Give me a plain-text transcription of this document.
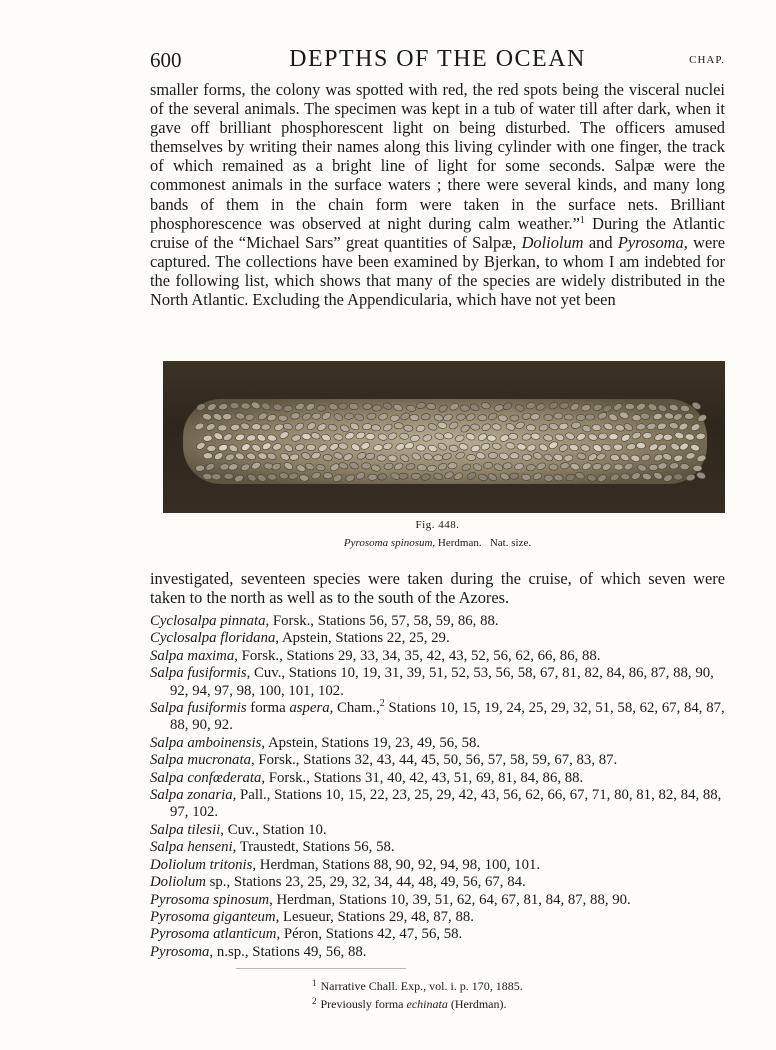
600	DEPTHS OF THE OCEAN	CHAP.

smaller forms, the colony was spotted with red, the red spots being the visceral nuclei of the several animals. The specimen was kept in a tub of water till after dark, when it gave off brilliant phosphorescent light on being disturbed. The officers amused themselves by writing their names along this living cylinder with one finger, the track of which remained as a bright line of light for some seconds. Salpæ were the commonest animals in the surface waters ; there were several kinds, and many long bands of them in the chain form were taken in the surface nets. Brilliant phosphorescence was observed at night during calm weather.”$^1$ During the Atlantic cruise of the “Michael Sars” great quantities of Salpæ, Doliolum and Pyrosoma, were captured. The collections have been examined by Bjerkan, to whom I am indebted for the following list, which shows that many of the species are widely distributed in the North Atlantic. Excluding the Appendicularia, which have not yet been

Fig. 448.
Pyrosoma spinosum, Herdman. Nat. size.

investigated, seventeen species were taken during the cruise, of which seven were taken to the north as well as to the south of the Azores.

Cyclosalpa pinnata, Forsk., Stations 56, 57, 58, 59, 86, 88.
Cyclosalpa floridana, Apstein, Stations 22, 25, 29.
Salpa maxima, Forsk., Stations 29, 33, 34, 35, 42, 43, 52, 56, 62, 66, 86, 88.
Salpa fusiformis, Cuv., Stations 10, 19, 31, 39, 51, 52, 53, 56, 58, 67, 81, 82, 84, 86, 87, 88, 90, 92, 94, 97, 98, 100, 101, 102.
Salpa fusiformis forma aspera, Cham.,$^2$ Stations 10, 15, 19, 24, 25, 29, 32, 51, 58, 62, 67, 84, 87, 88, 90, 92.
Salpa amboinensis, Apstein, Stations 19, 23, 49, 56, 58.
Salpa mucronata, Forsk., Stations 32, 43, 44, 45, 50, 56, 57, 58, 59, 67, 83, 87.
Salpa confœderata, Forsk., Stations 31, 40, 42, 43, 51, 69, 81, 84, 86, 88.
Salpa zonaria, Pall., Stations 10, 15, 22, 23, 25, 29, 42, 43, 56, 62, 66, 67, 71, 80, 81, 82, 84, 88, 97, 102.
Salpa tilesii, Cuv., Station 10.
Salpa henseni, Traustedt, Stations 56, 58.
Doliolum tritonis, Herdman, Stations 88, 90, 92, 94, 98, 100, 101.
Doliolum sp., Stations 23, 25, 29, 32, 34, 44, 48, 49, 56, 67, 84.
Pyrosoma spinosum, Herdman, Stations 10, 39, 51, 62, 64, 67, 81, 84, 87, 88, 90.
Pyrosoma giganteum, Lesueur, Stations 29, 48, 87, 88.
Pyrosoma atlanticum, Péron, Stations 42, 47, 56, 58.
Pyrosoma, n.sp., Stations 49, 56, 88.
$^1$ Narrative Chall. Exp., vol. i. p. 170, 1885.
$^2$ Previously forma echinata (Herdman).
